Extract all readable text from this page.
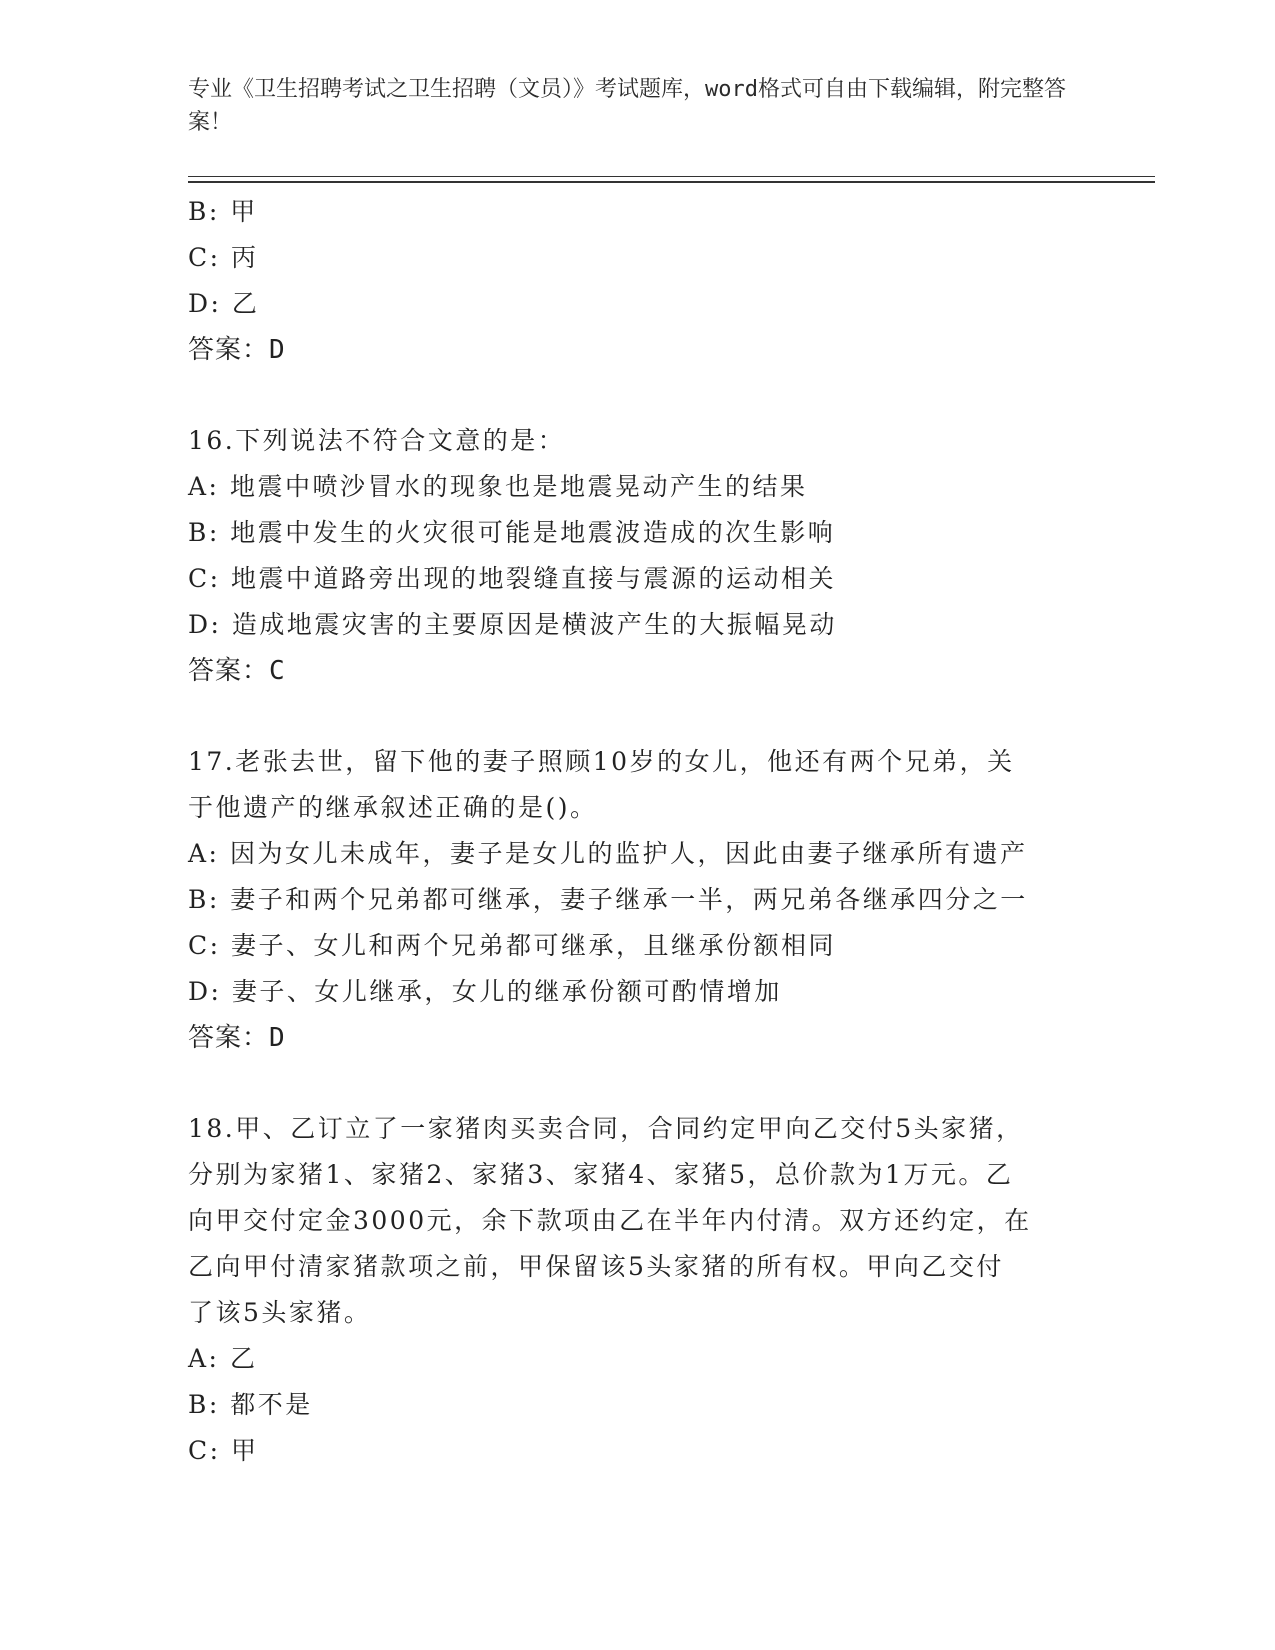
专业《卫生招聘考试之卫生招聘（文员）》考试题库，word格式可自由下载编辑，附完整答案！
B: 甲
C: 丙
D: 乙
答案：D
16.下列说法不符合文意的是：
A: 地震中喷沙冒水的现象也是地震晃动产生的结果
B: 地震中发生的火灾很可能是地震波造成的次生影响
C: 地震中道路旁出现的地裂缝直接与震源的运动相关
D: 造成地震灾害的主要原因是横波产生的大振幅晃动
答案：C
17.老张去世，留下他的妻子照顾10岁的女儿，他还有两个兄弟，关
于他遗产的继承叙述正确的是()。
A: 因为女儿未成年，妻子是女儿的监护人，因此由妻子继承所有遗产
B: 妻子和两个兄弟都可继承，妻子继承一半，两兄弟各继承四分之一
C: 妻子、女儿和两个兄弟都可继承，且继承份额相同
D: 妻子、女儿继承，女儿的继承份额可酌情增加
答案：D
18.甲、乙订立了一家猪肉买卖合同，合同约定甲向乙交付5头家猪，
分别为家猪1、家猪2、家猪3、家猪4、家猪5，总价款为1万元。乙
向甲交付定金3000元，余下款项由乙在半年内付清。双方还约定，在
乙向甲付清家猪款项之前，甲保留该5头家猪的所有权。甲向乙交付
了该5头家猪。
A: 乙
B: 都不是
C: 甲
